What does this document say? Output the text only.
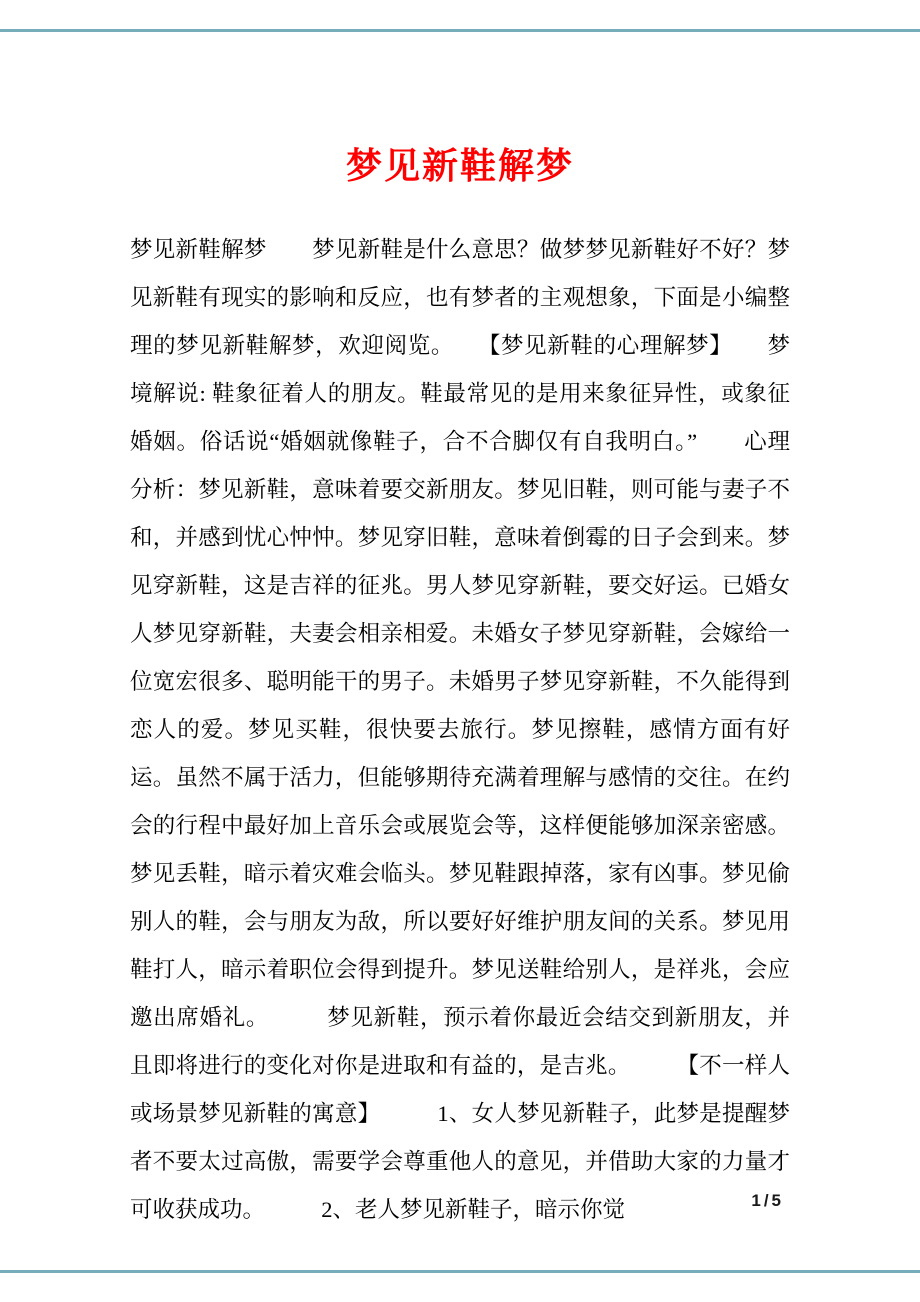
梦见新鞋解梦

梦见新鞋解梦　　梦见新鞋是什么意思？做梦梦见新鞋好不好？梦见新鞋有现实的影响和反应，也有梦者的主观想象，下面是小编整理的梦见新鞋解梦，欢迎阅览。　　【梦见新鞋的心理解梦】　　梦境解说: 鞋象征着人的朋友。鞋最常见的是用来象征异性，或象征婚姻。俗话说“婚姻就像鞋子，合不合脚仅有自我明白。”　　心理分析：梦见新鞋，意味着要交新朋友。梦见旧鞋，则可能与妻子不和，并感到忧心忡忡。梦见穿旧鞋，意味着倒霉的日子会到来。梦见穿新鞋，这是吉祥的征兆。男人梦见穿新鞋，要交好运。已婚女人梦见穿新鞋，夫妻会相亲相爱。未婚女子梦见穿新鞋，会嫁给一位宽宏很多、聪明能干的男子。未婚男子梦见穿新鞋，不久能得到恋人的爱。梦见买鞋，很快要去旅行。梦见擦鞋，感情方面有好运。虽然不属于活力，但能够期待充满着理解与感情的交往。在约会的行程中最好加上音乐会或展览会等，这样便能够加深亲密感。梦见丢鞋，暗示着灾难会临头。梦见鞋跟掉落，家有凶事。梦见偷别人的鞋，会与朋友为敌，所以要好好维护朋友间的关系。梦见用鞋打人，暗示着职位会得到提升。梦见送鞋给别人，是祥兆，会应邀出席婚礼。　　　梦见新鞋，预示着你最近会结交到新朋友，并且即将进行的变化对你是进取和有益的，是吉兆。　　　【不一样人或场景梦见新鞋的寓意】　　　1、女人梦见新鞋子，此梦是提醒梦者不要太过高傲，需要学会尊重他人的意见，并借助大家的力量才可收获成功。　　　2、老人梦见新鞋子，暗示你觉	1/5
